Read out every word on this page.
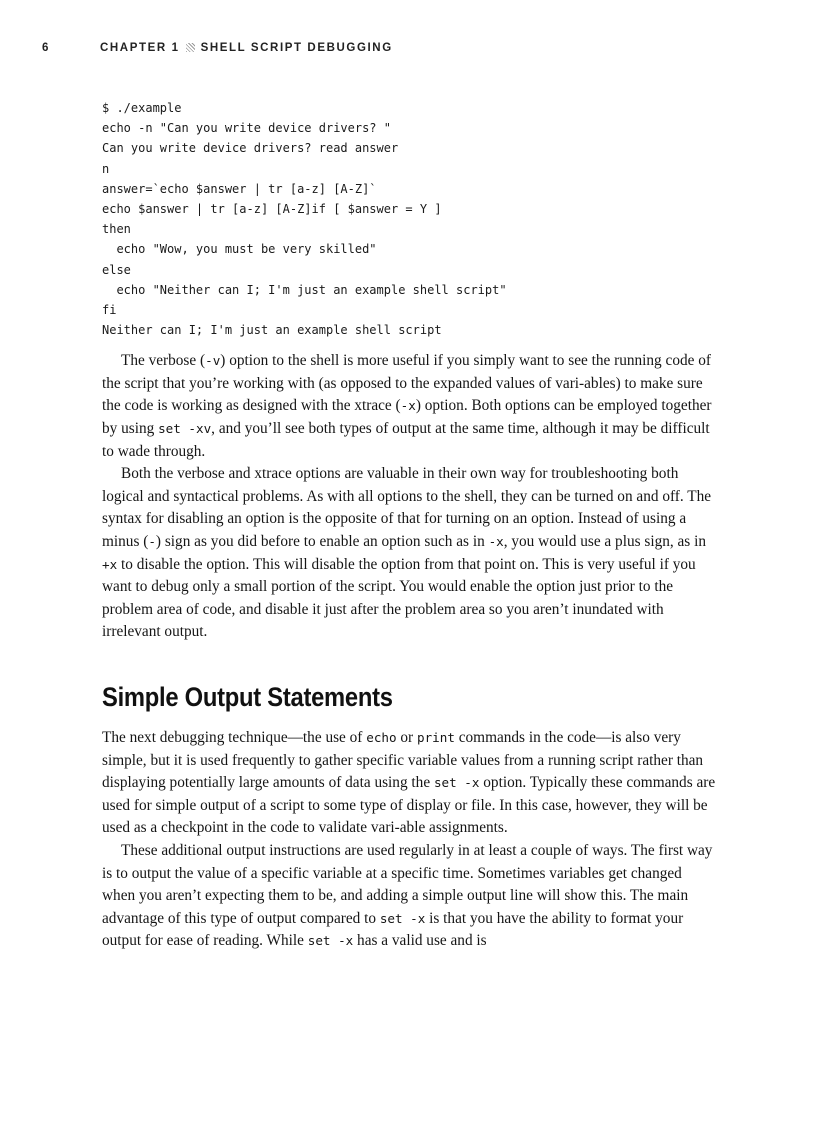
6	CHAPTER 1 SHELL SCRIPT DEBUGGING
$ ./example
echo -n "Can you write device drivers? "
Can you write device drivers? read answer
n
answer=`echo $answer | tr [a-z] [A-Z]`
echo $answer | tr [a-z] [A-Z]if [ $answer = Y ]
then
echo "Wow, you must be very skilled"
else
echo "Neither can I; I'm just an example shell script"
fi
Neither can I; I'm just an example shell script

The verbose (-v) option to the shell is more useful if you simply want to see the running code of the script that you’re working with (as opposed to the expanded values of vari-ables) to make sure the code is working as designed with the xtrace (-x) option. Both options can be employed together by using set -xv, and you’ll see both types of output at the same time, although it may be difficult to wade through.

Both the verbose and xtrace options are valuable in their own way for troubleshooting both logical and syntactical problems. As with all options to the shell, they can be turned on and off. The syntax for disabling an option is the opposite of that for turning on an option. Instead of using a minus (-) sign as you did before to enable an option such as in -x, you would use a plus sign, as in +x to disable the option. This will disable the option from that point on. This is very useful if you want to debug only a small portion of the script. You would enable the option just prior to the problem area of code, and disable it just after the problem area so you aren’t inundated with irrelevant output.

Simple Output Statements

The next debugging technique—the use of echo or print commands in the code—is also very simple, but it is used frequently to gather specific variable values from a running script rather than displaying potentially large amounts of data using the set -x option. Typically these commands are used for simple output of a script to some type of display or file. In this case, however, they will be used as a checkpoint in the code to validate vari-able assignments.

These additional output instructions are used regularly in at least a couple of ways. The first way is to output the value of a specific variable at a specific time. Sometimes variables get changed when you aren’t expecting them to be, and adding a simple output line will show this. The main advantage of this type of output compared to set -x is that you have the ability to format your output for ease of reading. While set -x has a valid use and is
